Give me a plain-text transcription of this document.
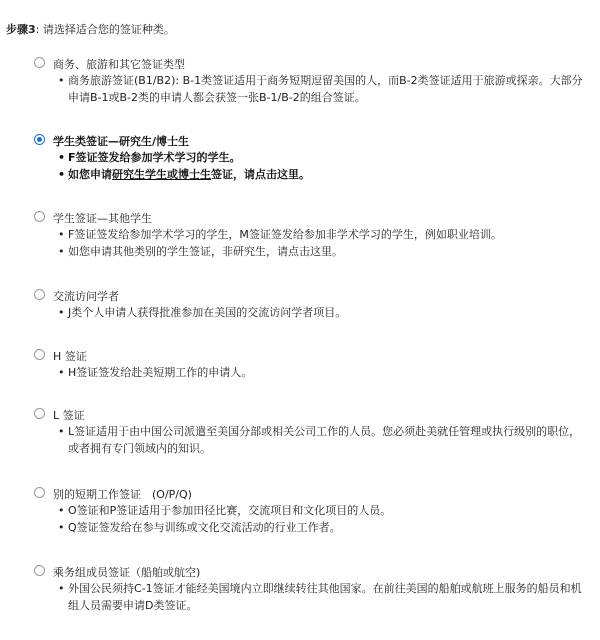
步骤3: 请选择适合您的签证种类。
商务、旅游和其它签证类型
• 商务旅游签证(B1/B2): B-1类签证适用于商务短期逗留美国的人，而B-2类签证适用于旅游或探亲。大部分申请B-1或B-2类的申请人都会获签一张B-1/B-2的组合签证。
学生类签证—研究生/博士生
• F签证签发给参加学术学习的学生。
• 如您申请研究生学生或博士生签证，请点击这里。
学生签证—其他学生
• F签证签发给参加学术学习的学生，M签证签发给参加非学术学习的学生，例如职业培训。
• 如您申请其他类别的学生签证，非研究生，请点击这里。
交流访问学者
• J类个人申请人获得批准参加在美国的交流访问学者项目。
H 签证
• H签证签发给赴美短期工作的申请人。
L 签证
• L签证适用于由中国公司派遣至美国分部或相关公司工作的人员。您必须赴美就任管理或执行级别的职位，或者拥有专门领域内的知识。
别的短期工作签证　(O/P/Q)
• O签证和P签证适用于参加田径比赛，交流项目和文化项目的人员。
• Q签证签发给在参与训练或文化交流活动的行业工作者。
乘务组成员签证（船舶或航空)
• 外国公民须持C-1签证才能经美国境内立即继续转往其他国家。在前往美国的船舶或航班上服务的船员和机组人员需要申请D类签证。
